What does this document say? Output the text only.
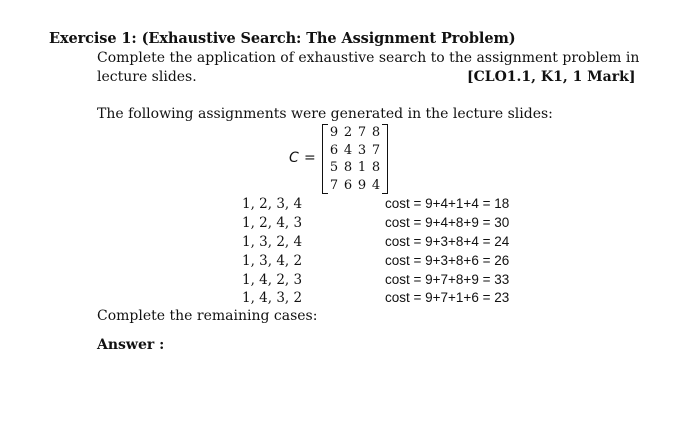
Exercise 1: (Exhaustive Search: The Assignment Problem)
Complete the application of exhaustive search to the assignment problem in
lecture slides.	[CLO1.1, K1, 1 Mark]
The following assignments were generated in the lecture slides:
C =
9 2 7 8
6 4 3 7
5 8 1 8
7 6 9 4
1, 2, 3, 4	cost = 9+4+1+4 = 18
1, 2, 4, 3	cost = 9+4+8+9 = 30
1, 3, 2, 4	cost = 9+3+8+4 = 24
1, 3, 4, 2	cost = 9+3+8+6 = 26
1, 4, 2, 3	cost = 9+7+8+9 = 33
1, 4, 3, 2	cost = 9+7+1+6 = 23
Complete the remaining cases:
Answer :
